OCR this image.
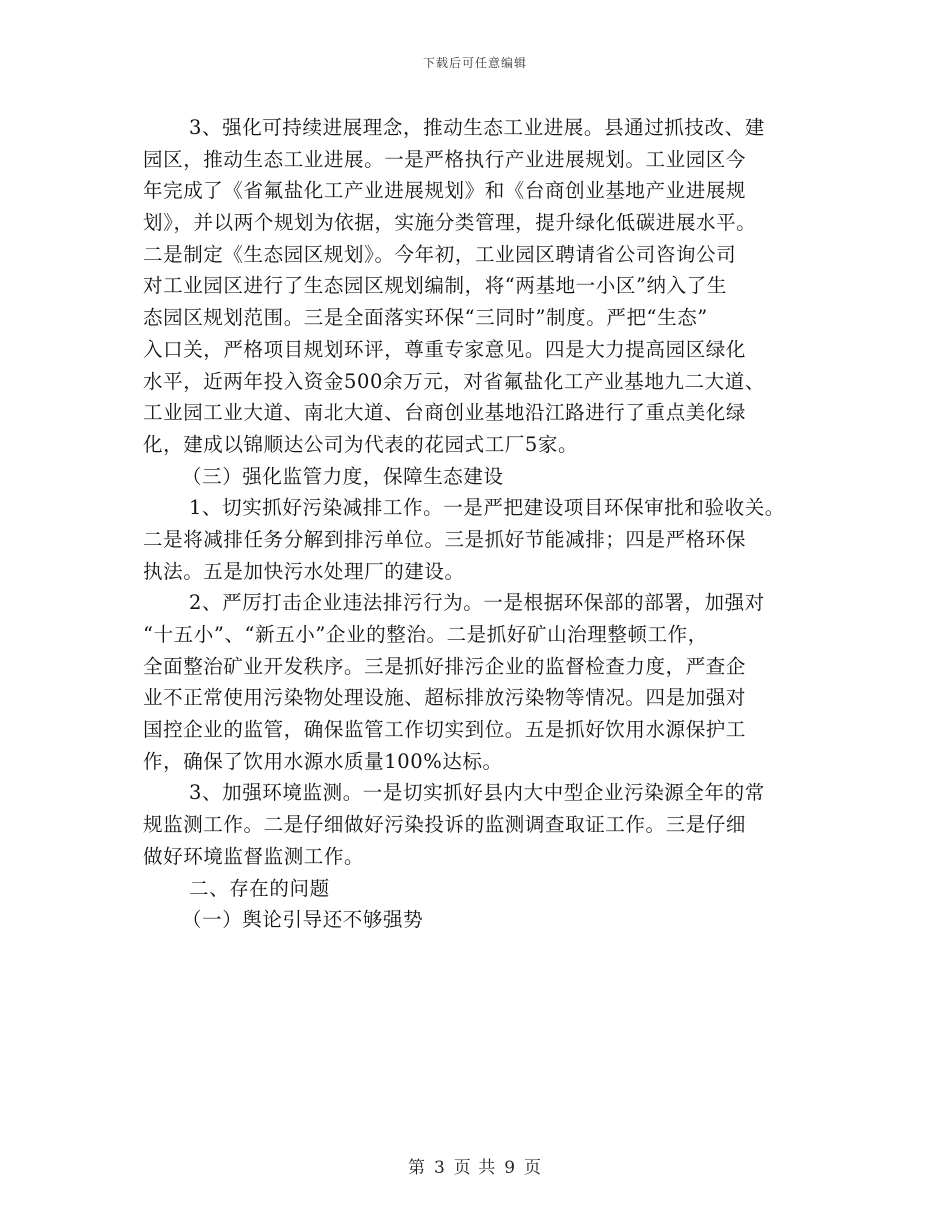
下载后可任意编辑
3、强化可持续进展理念，推动生态工业进展。县通过抓技改、建
园区，推动生态工业进展。一是严格执行产业进展规划。工业园区今
年完成了《省氟盐化工产业进展规划》和《台商创业基地产业进展规
划》，并以两个规划为依据，实施分类管理，提升绿化低碳进展水平。
二是制定《生态园区规划》。今年初，工业园区聘请省公司咨询公司
对工业园区进行了生态园区规划编制，将“两基地一小区”纳入了生
态园区规划范围。三是全面落实环保“三同时”制度。严把“生态”
入口关，严格项目规划环评，尊重专家意见。四是大力提高园区绿化
水平，近两年投入资金500余万元，对省氟盐化工产业基地九二大道、
工业园工业大道、南北大道、台商创业基地沿江路进行了重点美化绿
化，建成以锦顺达公司为代表的花园式工厂5家。
（三）强化监管力度，保障生态建设
1、切实抓好污染减排工作。一是严把建设项目环保审批和验收关。
二是将减排任务分解到排污单位。三是抓好节能减排；四是严格环保
执法。五是加快污水处理厂的建设。
2、严厉打击企业违法排污行为。一是根据环保部的部署，加强对
“十五小”、“新五小”企业的整治。二是抓好矿山治理整顿工作，
全面整治矿业开发秩序。三是抓好排污企业的监督检查力度，严查企
业不正常使用污染物处理设施、超标排放污染物等情况。四是加强对
国控企业的监管，确保监管工作切实到位。五是抓好饮用水源保护工
作，确保了饮用水源水质量100%达标。
3、加强环境监测。一是切实抓好县内大中型企业污染源全年的常
规监测工作。二是仔细做好污染投诉的监测调查取证工作。三是仔细
做好环境监督监测工作。
二、存在的问题
（一）舆论引导还不够强势
第 3 页 共 9 页
